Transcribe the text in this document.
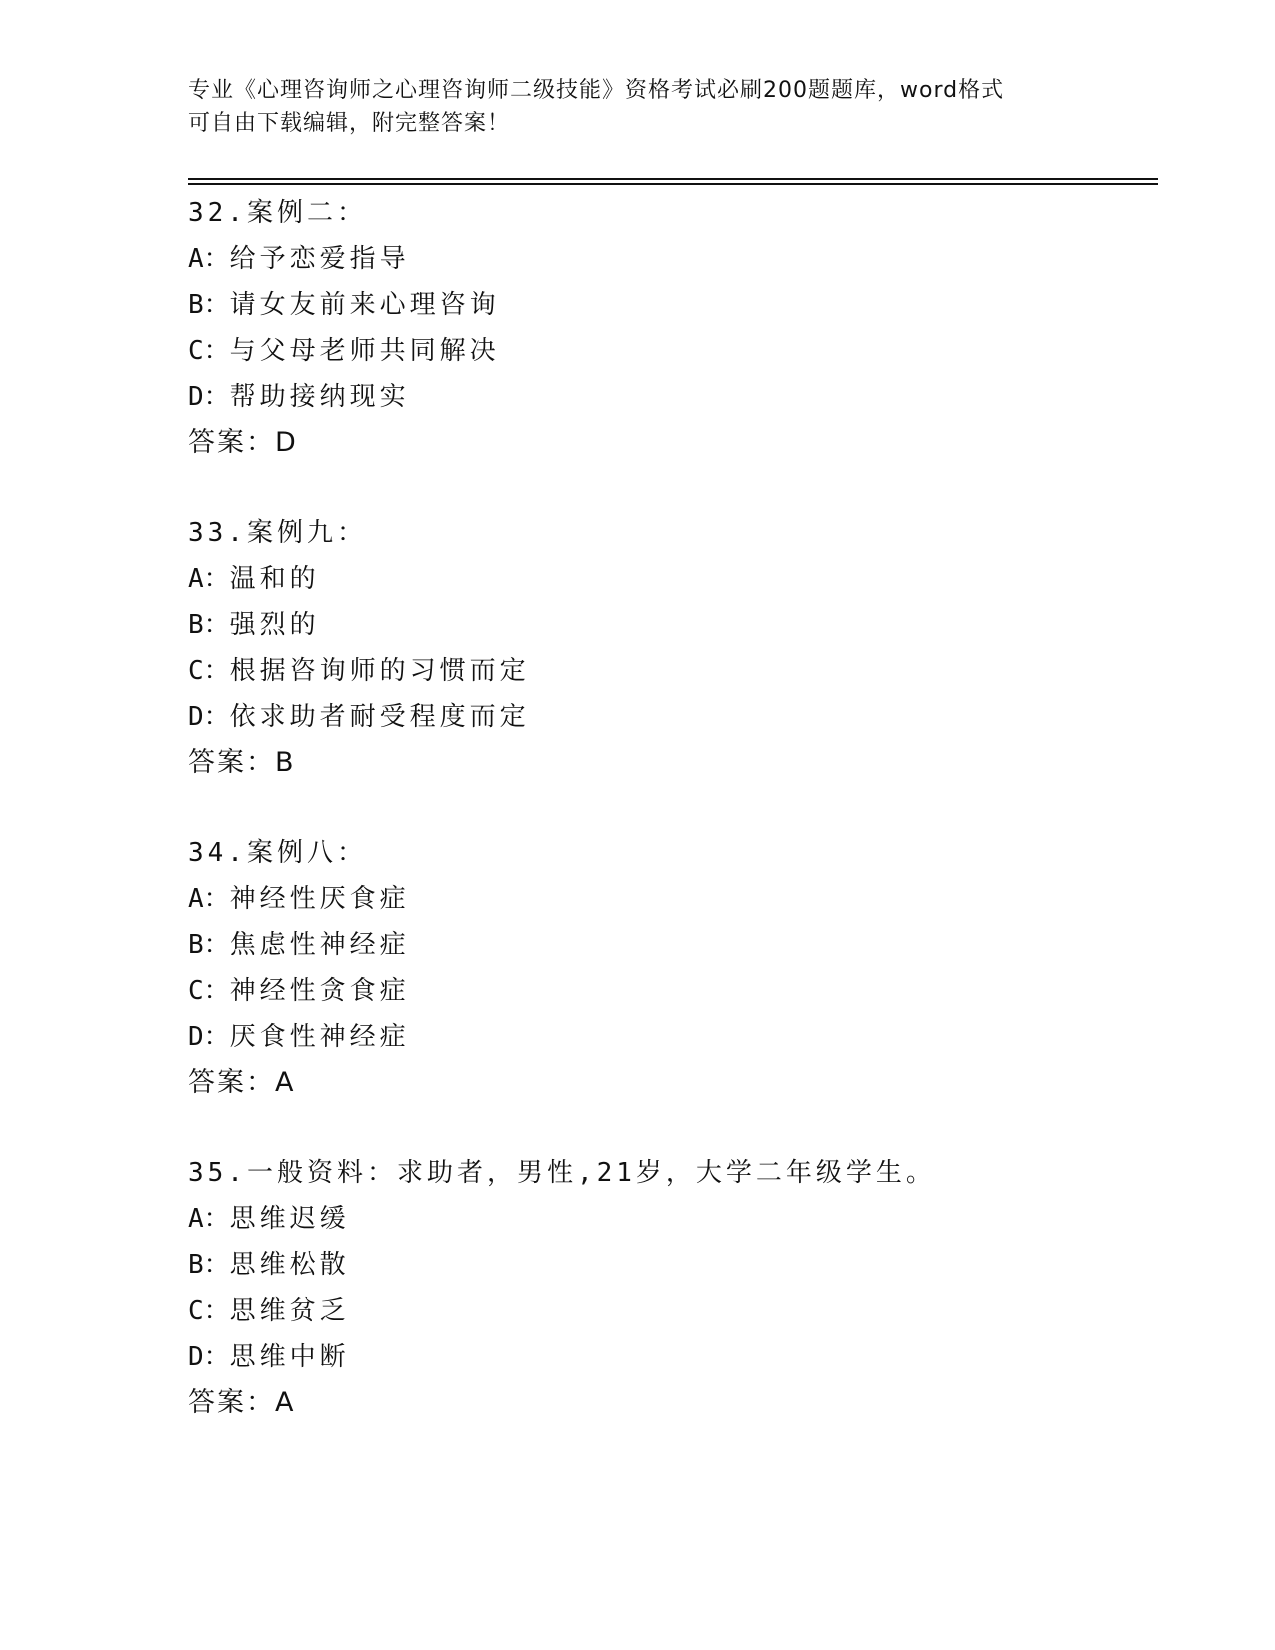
专业《心理咨询师之心理咨询师二级技能》资格考试必刷200题题库，word格式
可自由下载编辑，附完整答案！
32.案例二：
A：给予恋爱指导
B：请女友前来心理咨询
C：与父母老师共同解决
D：帮助接纳现实
答案：D
33.案例九：
A：温和的
B：强烈的
C：根据咨询师的习惯而定
D：依求助者耐受程度而定
答案：B
34.案例八：
A：神经性厌食症
B：焦虑性神经症
C：神经性贪食症
D：厌食性神经症
答案：A
35.一般资料：求助者，男性,21岁，大学二年级学生。
A：思维迟缓
B：思维松散
C：思维贫乏
D：思维中断
答案：A
